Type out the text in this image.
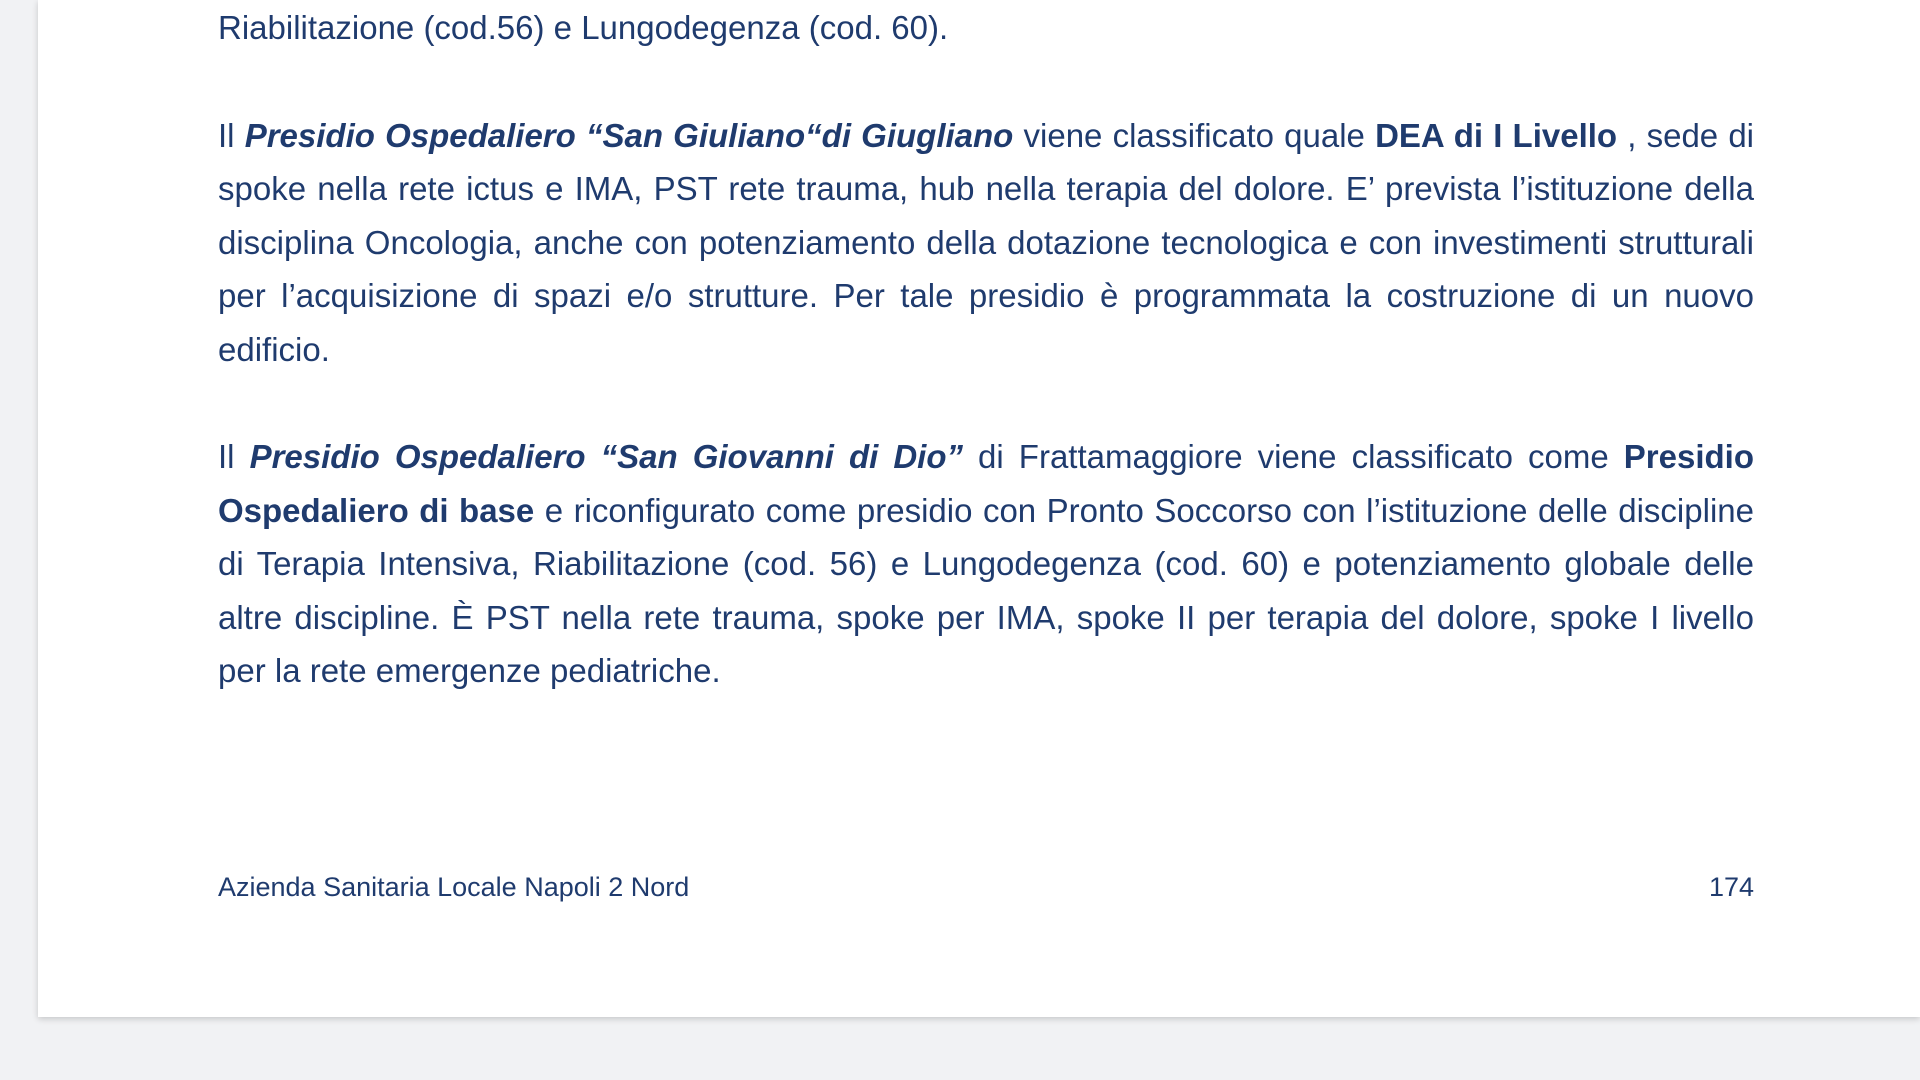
Riabilitazione (cod.56) e Lungodegenza (cod. 60).

Il Presidio Ospedaliero “San Giuliano“di Giugliano viene classificato quale DEA di I Livello , sede di spoke nella rete ictus e IMA, PST rete trauma, hub nella terapia del dolore. E’ prevista l’istituzione della disciplina Oncologia, anche con potenziamento della dotazione tecnologica e con investimenti strutturali per l’acquisizione di spazi e/o strutture. Per tale presidio è programmata la costruzione di un nuovo edificio.

Il Presidio Ospedaliero “San Giovanni di Dio” di Frattamaggiore viene classificato come Presidio Ospedaliero di base e riconfigurato come presidio con Pronto Soccorso con l’istituzione delle discipline di Terapia Intensiva, Riabilitazione (cod. 56) e Lungodegenza (cod. 60) e potenziamento globale delle altre discipline. È PST nella rete trauma, spoke per IMA, spoke II per terapia del dolore, spoke I livello per la rete emergenze pediatriche.

Azienda Sanitaria Locale Napoli 2 Nord	174
